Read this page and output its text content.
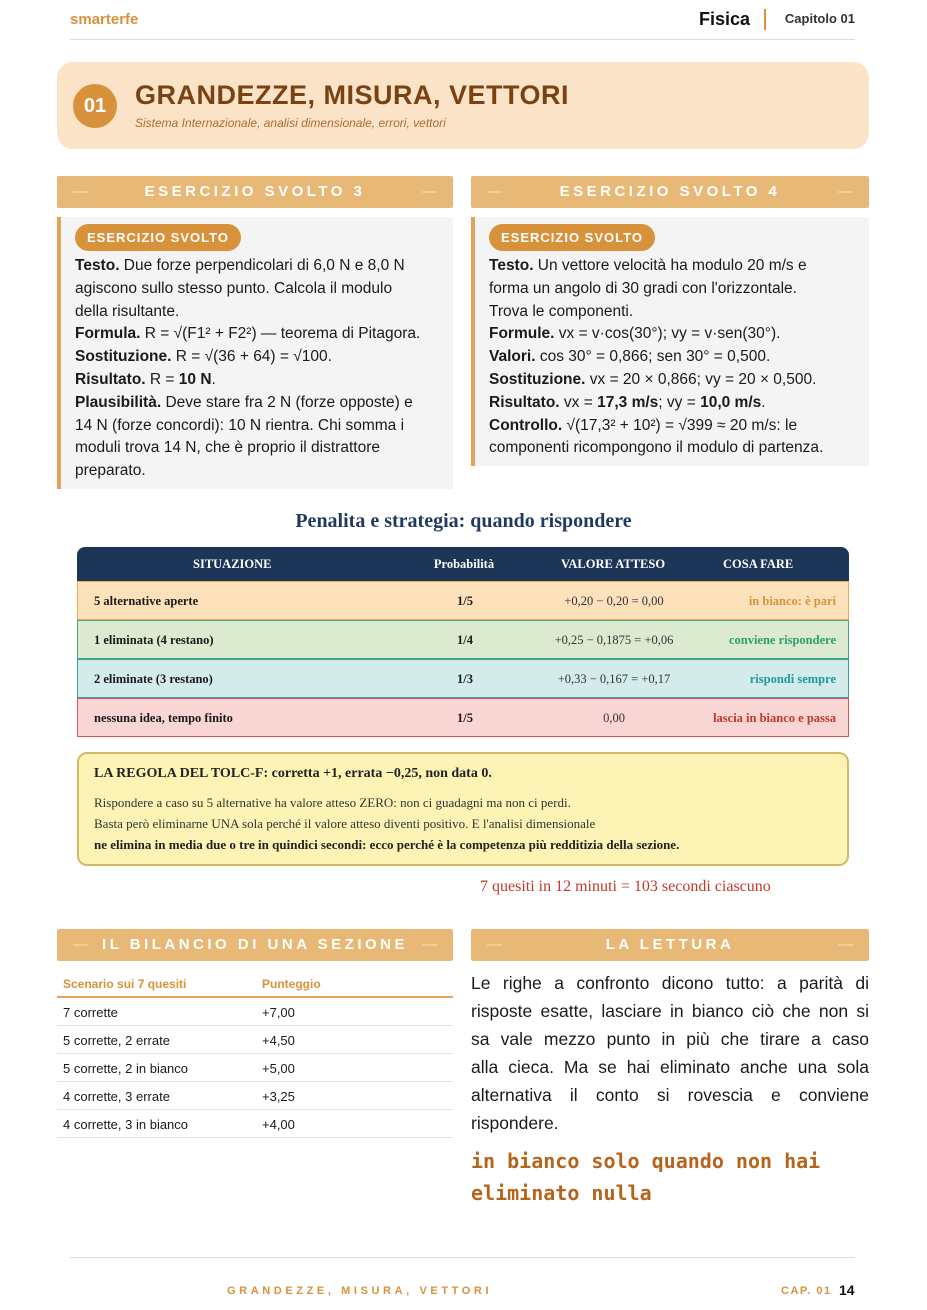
smarterfe	Fisica	Capitolo 01
01	GRANDEZZE, MISURA, VETTORI
Sistema Internazionale, analisi dimensionale, errori, vettori
—	ESERCIZIO SVOLTO 3	—
ESERCIZIO SVOLTO
Testo. Due forze perpendicolari di 6,0 N e 8,0 N
agiscono sullo stesso punto. Calcola il modulo
della risultante.
Formula. R = √(F1² + F2²) — teorema di Pitagora.
Sostituzione. R = √(36 + 64) = √100.
Risultato. R = 10 N.
Plausibilità. Deve stare fra 2 N (forze opposte) e
14 N (forze concordi): 10 N rientra. Chi somma i
moduli trova 14 N, che è proprio il distrattore
preparato.
—	ESERCIZIO SVOLTO 4	—
ESERCIZIO SVOLTO
Testo. Un vettore velocità ha modulo 20 m/s e
forma un angolo di 30 gradi con l'orizzontale.
Trova le componenti.
Formule. vx = v·cos(30°); vy = v·sen(30°).
Valori. cos 30° = 0,866; sen 30° = 0,500.
Sostituzione. vx = 20 × 0,866; vy = 20 × 0,500.
Risultato. vx = 17,3 m/s; vy = 10,0 m/s.
Controllo. √(17,3² + 10²) = √399 ≈ 20 m/s: le
componenti ricompongono il modulo di partenza.
Penalita e strategia: quando rispondere
SITUAZIONE	Probabilità	VALORE ATTESO	COSA FARE
5 alternative aperte	1/5	+0,20 − 0,20 = 0,00	in bianco: è pari
1 eliminata (4 restano)	1/4	+0,25 − 0,1875 = +0,06	conviene rispondere
2 eliminate (3 restano)	1/3	+0,33 − 0,167 = +0,17	rispondi sempre
nessuna idea, tempo finito	1/5	0,00	lascia in bianco e passa
LA REGOLA DEL TOLC-F: corretta +1, errata −0,25, non data 0.
Rispondere a caso su 5 alternative ha valore atteso ZERO: non ci guadagni ma non ci perdi.
Basta però eliminarne UNA sola perché il valore atteso diventi positivo. E l'analisi dimensionale
ne elimina in media due o tre in quindici secondi: ecco perché è la competenza più redditizia della sezione.
7 quesiti in 12 minuti = 103 secondi ciascuno
— IL BILANCIO DI UNA SEZIONE —
Scenario sui 7 quesiti	Punteggio
7 corrette	+7,00
5 corrette, 2 errate	+4,50
5 corrette, 2 in bianco	+5,00
4 corrette, 3 errate	+3,25
4 corrette, 3 in bianco	+4,00
—	LA LETTURA	—
Le righe a confronto dicono tutto: a parità di
risposte esatte, lasciare in bianco ciò che non si
sa vale mezzo punto in più che tirare a caso
alla cieca. Ma se hai eliminato anche una sola
alternativa il conto si rovescia e conviene
rispondere.
in bianco solo quando non hai
eliminato nulla
GRANDEZZE, MISURA, VETTORI	CAP. 01 14
